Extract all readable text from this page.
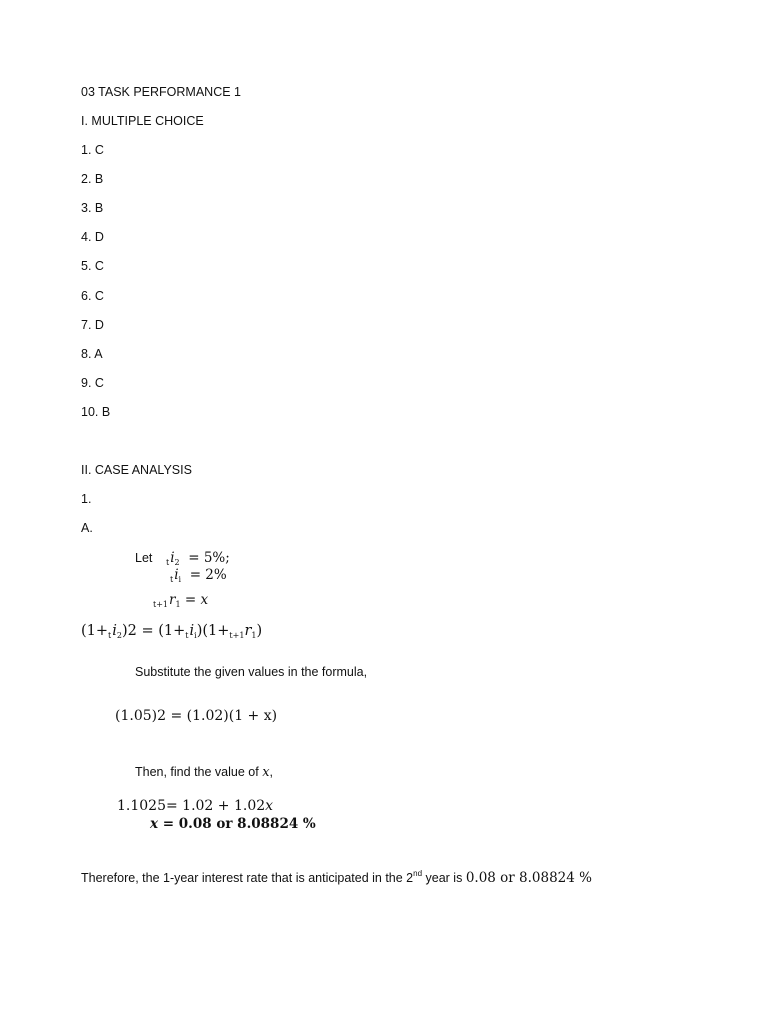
03 TASK PERFORMANCE 1
I. MULTIPLE CHOICE
1. C
2. B
3. B
4. D
5. C
6. C
7. D
8. A
9. C
10. B
II. CASE ANALYSIS
1.
A.
Let $_ti_2 = 5\%$;
$_ti_i = 2\%$
$_{t+1}r_1 = x$
$(1+_ti_2)2 = (1+_ti_i)(1+_{t+1}r_1)$
Substitute the given values in the formula,
(1.05)2 = (1.02)(1 + x)
Then, find the value of x,
1.1025= 1.02 + 1.02x
x = 0.08 or 8.08824 %
Therefore, the 1-year interest rate that is anticipated in the 2nd year is 0.08 or 8.08824 %
